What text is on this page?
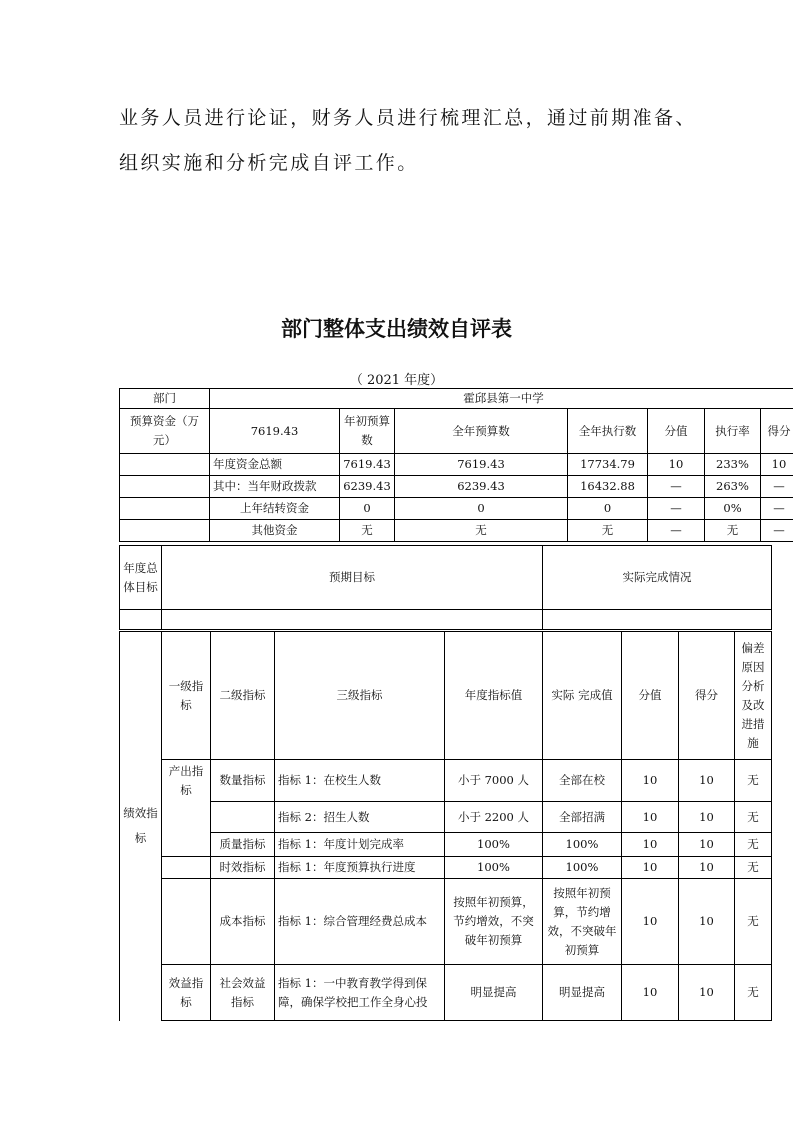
业务人员进行论证，财务人员进行梳理汇总，通过前期准备、

组织实施和分析完成自评工作。

部门整体支出绩效自评表
（ 2021 年度）
部门	霍邱县第一中学						
预算资金（万元）	7619.43	年初预算数	全年预算数	全年执行数	分值	执行率	得分
	年度资金总额	7619.43	7619.43	17734.79	10	233%	10
	其中：当年财政拨款	6239.43	6239.43	16432.88	—	263%	—
	上年结转资金	0	0	0	—	0%	—
	其他资金	无	无	无	—	无	—
年度总体目标	预期目标	实际完成情况

绩效指标	一级指标	二级指标	三级指标	年度指标值	实际 完成值	分值	得分	偏差原因分析及改进措施
	产出指标	数量指标	指标 1：在校生人数	小于 7000 人	全部在校	10	10	无
			指标 2：招生人数	小于 2200 人	全部招满	10	10	无
		质量指标	指标 1：年度计划完成率	100%	100%	10	10	无
		时效指标	指标 1：年度预算执行进度	100%	100%	10	10	无
		成本指标	指标 1：综合管理经费总成本	按照年初预算，节约增效，不突破年初预算	按照年初预算，节约增效，不突破年初预算	10	10	无
	效益指标	社会效益指标	指标 1：一中教育教学得到保障，确保学校把工作全身心投	明显提高	明显提高	10	10	无
